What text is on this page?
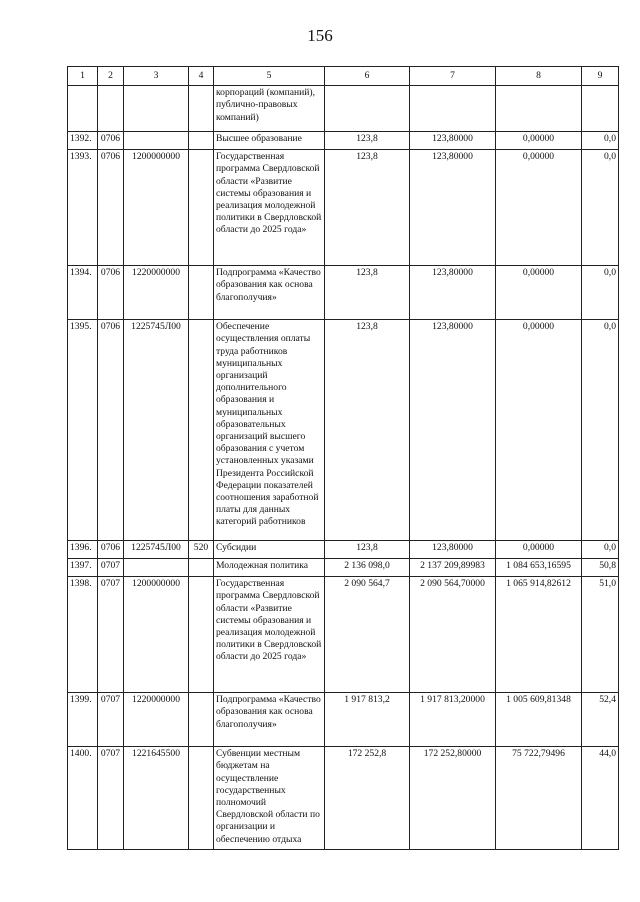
156
1	2	3	4	5	6	7	8	9
				корпораций (компаний), публично-правовых компаний)				
1392.	0706			Высшее образование	123,8	123,80000	0,00000	0,0
1393.	0706	1200000000		Государственная программа Свердловской области «Развитие системы образования и реализация молодежной политики в Свердловской области до 2025 года»	123,8	123,80000	0,00000	0,0
1394.	0706	1220000000		Подпрограмма «Качество образования как основа благополучия»	123,8	123,80000	0,00000	0,0
1395.	0706	1225745Л00		Обеспечение осуществления оплаты труда работников муниципальных организаций дополнительного образования и муниципальных образовательных организаций высшего образования с учетом установленных указами Президента Российской Федерации показателей соотношения заработной платы для данных категорий работников	123,8	123,80000	0,00000	0,0
1396.	0706	1225745Л00	520	Субсидии	123,8	123,80000	0,00000	0,0
1397.	0707			Молодежная политика	2 136 098,0	2 137 209,89983	1 084 653,16595	50,8
1398.	0707	1200000000		Государственная программа Свердловской области «Развитие системы образования и реализация молодежной политики в Свердловской области до 2025 года»	2 090 564,7	2 090 564,70000	1 065 914,82612	51,0
1399.	0707	1220000000		Подпрограмма «Качество образования как основа благополучия»	1 917 813,2	1 917 813,20000	1 005 609,81348	52,4
1400.	0707	1221645500		Субвенции местным бюджетам на осуществление государственных полномочий Свердловской области по организации и обеспечению отдыха	172 252,8	172 252,80000	75 722,79496	44,0
